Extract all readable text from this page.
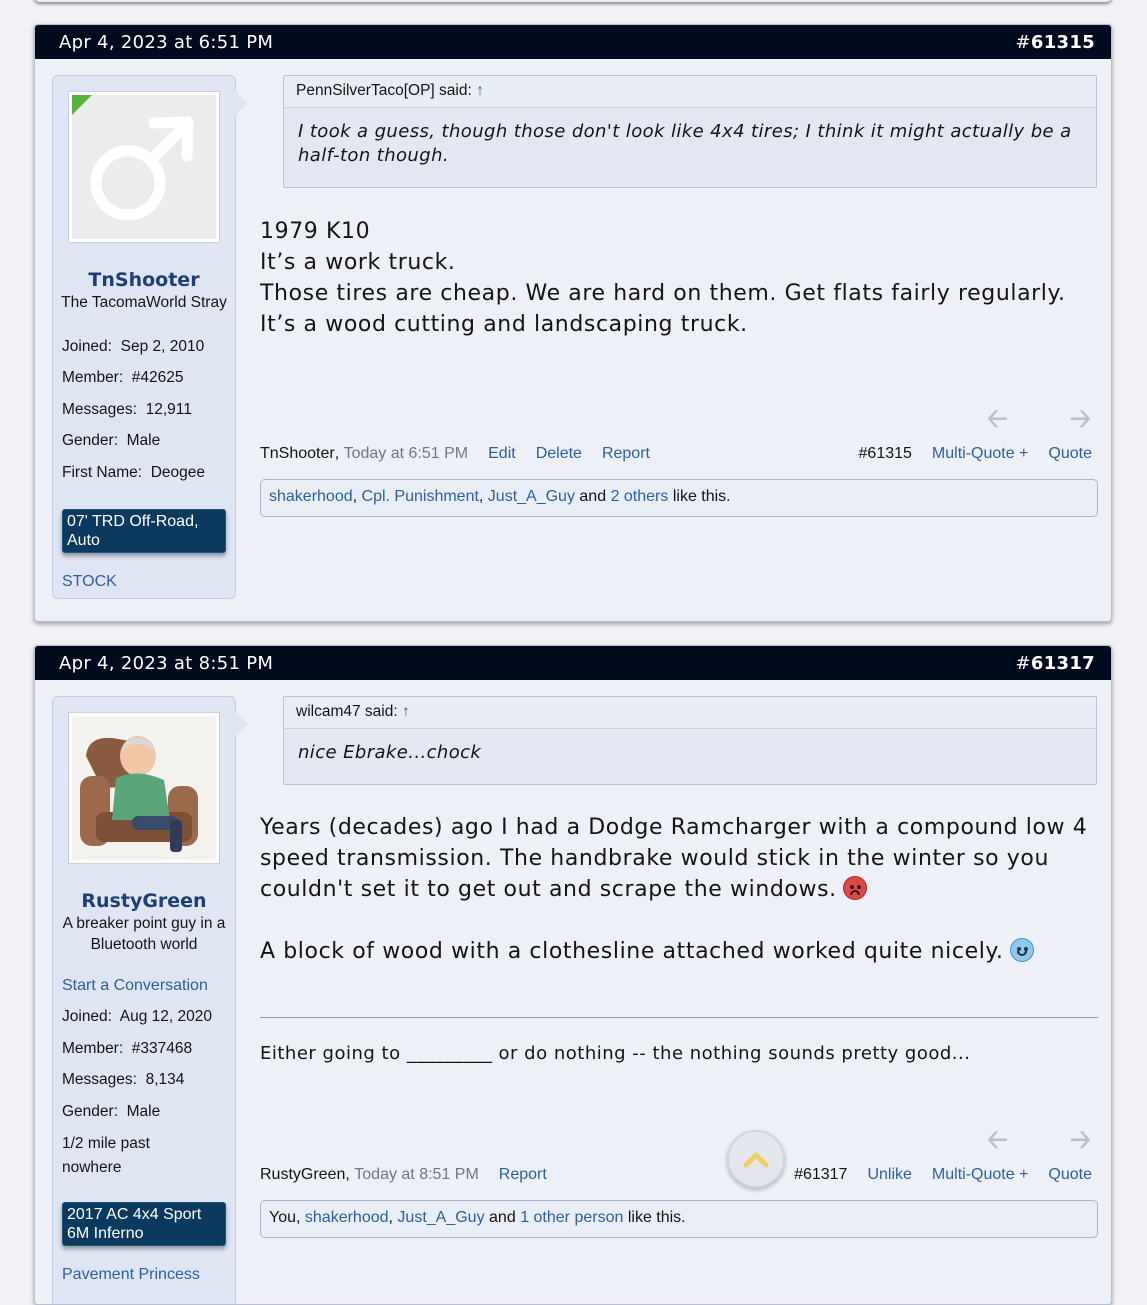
Apr 4, 2023 at 6:51 PM	#61315
TnShooter
The TacomaWorld Stray
Joined: Sep 2, 2010
Member: #42625
Messages: 12,911
Gender: Male
First Name: Deogee
07' TRD Off-Road, Auto
STOCK
PennSilverTaco[OP] said: ↑
I took a guess, though those don't look like 4x4 tires; I think it might actually be a half-ton though.

1979 K10

It’s a work truck.

Those tires are cheap. We are hard on them. Get flats fairly regularly. It’s a wood cutting and landscaping truck.

🡠 🡢
TnShooter , Today at 6:51 PM Edit Delete Report	#61315 Multi-Quote + Quote
shakerhood, Cpl. Punishment, Just_A_Guy and 2 others like this.
Apr 4, 2023 at 8:51 PM	#61317
RustyGreen
A breaker point guy in a Bluetooth world
Start a Conversation
Joined: Aug 12, 2020
Member: #337468
Messages: 8,134
Gender: Male
1/2 mile past nowhere
2017 AC 4x4 Sport 6M Inferno
Pavement Princess
wilcam47 said: ↑
nice Ebrake...chock

Years (decades) ago I had a Dodge Ramcharger with a compound low 4 speed transmission. The handbrake would stick in the winter so you couldn't set it to get out and scrape the windows.

A block of wood with a clothesline attached worked quite nicely.

Either going to _________ or do nothing -- the nothing sounds pretty good...
🡠 🡢
RustyGreen , Today at 8:51 PM Report	#61317 Unlike Multi-Quote + Quote
You, shakerhood, Just_A_Guy and 1 other person like this.
